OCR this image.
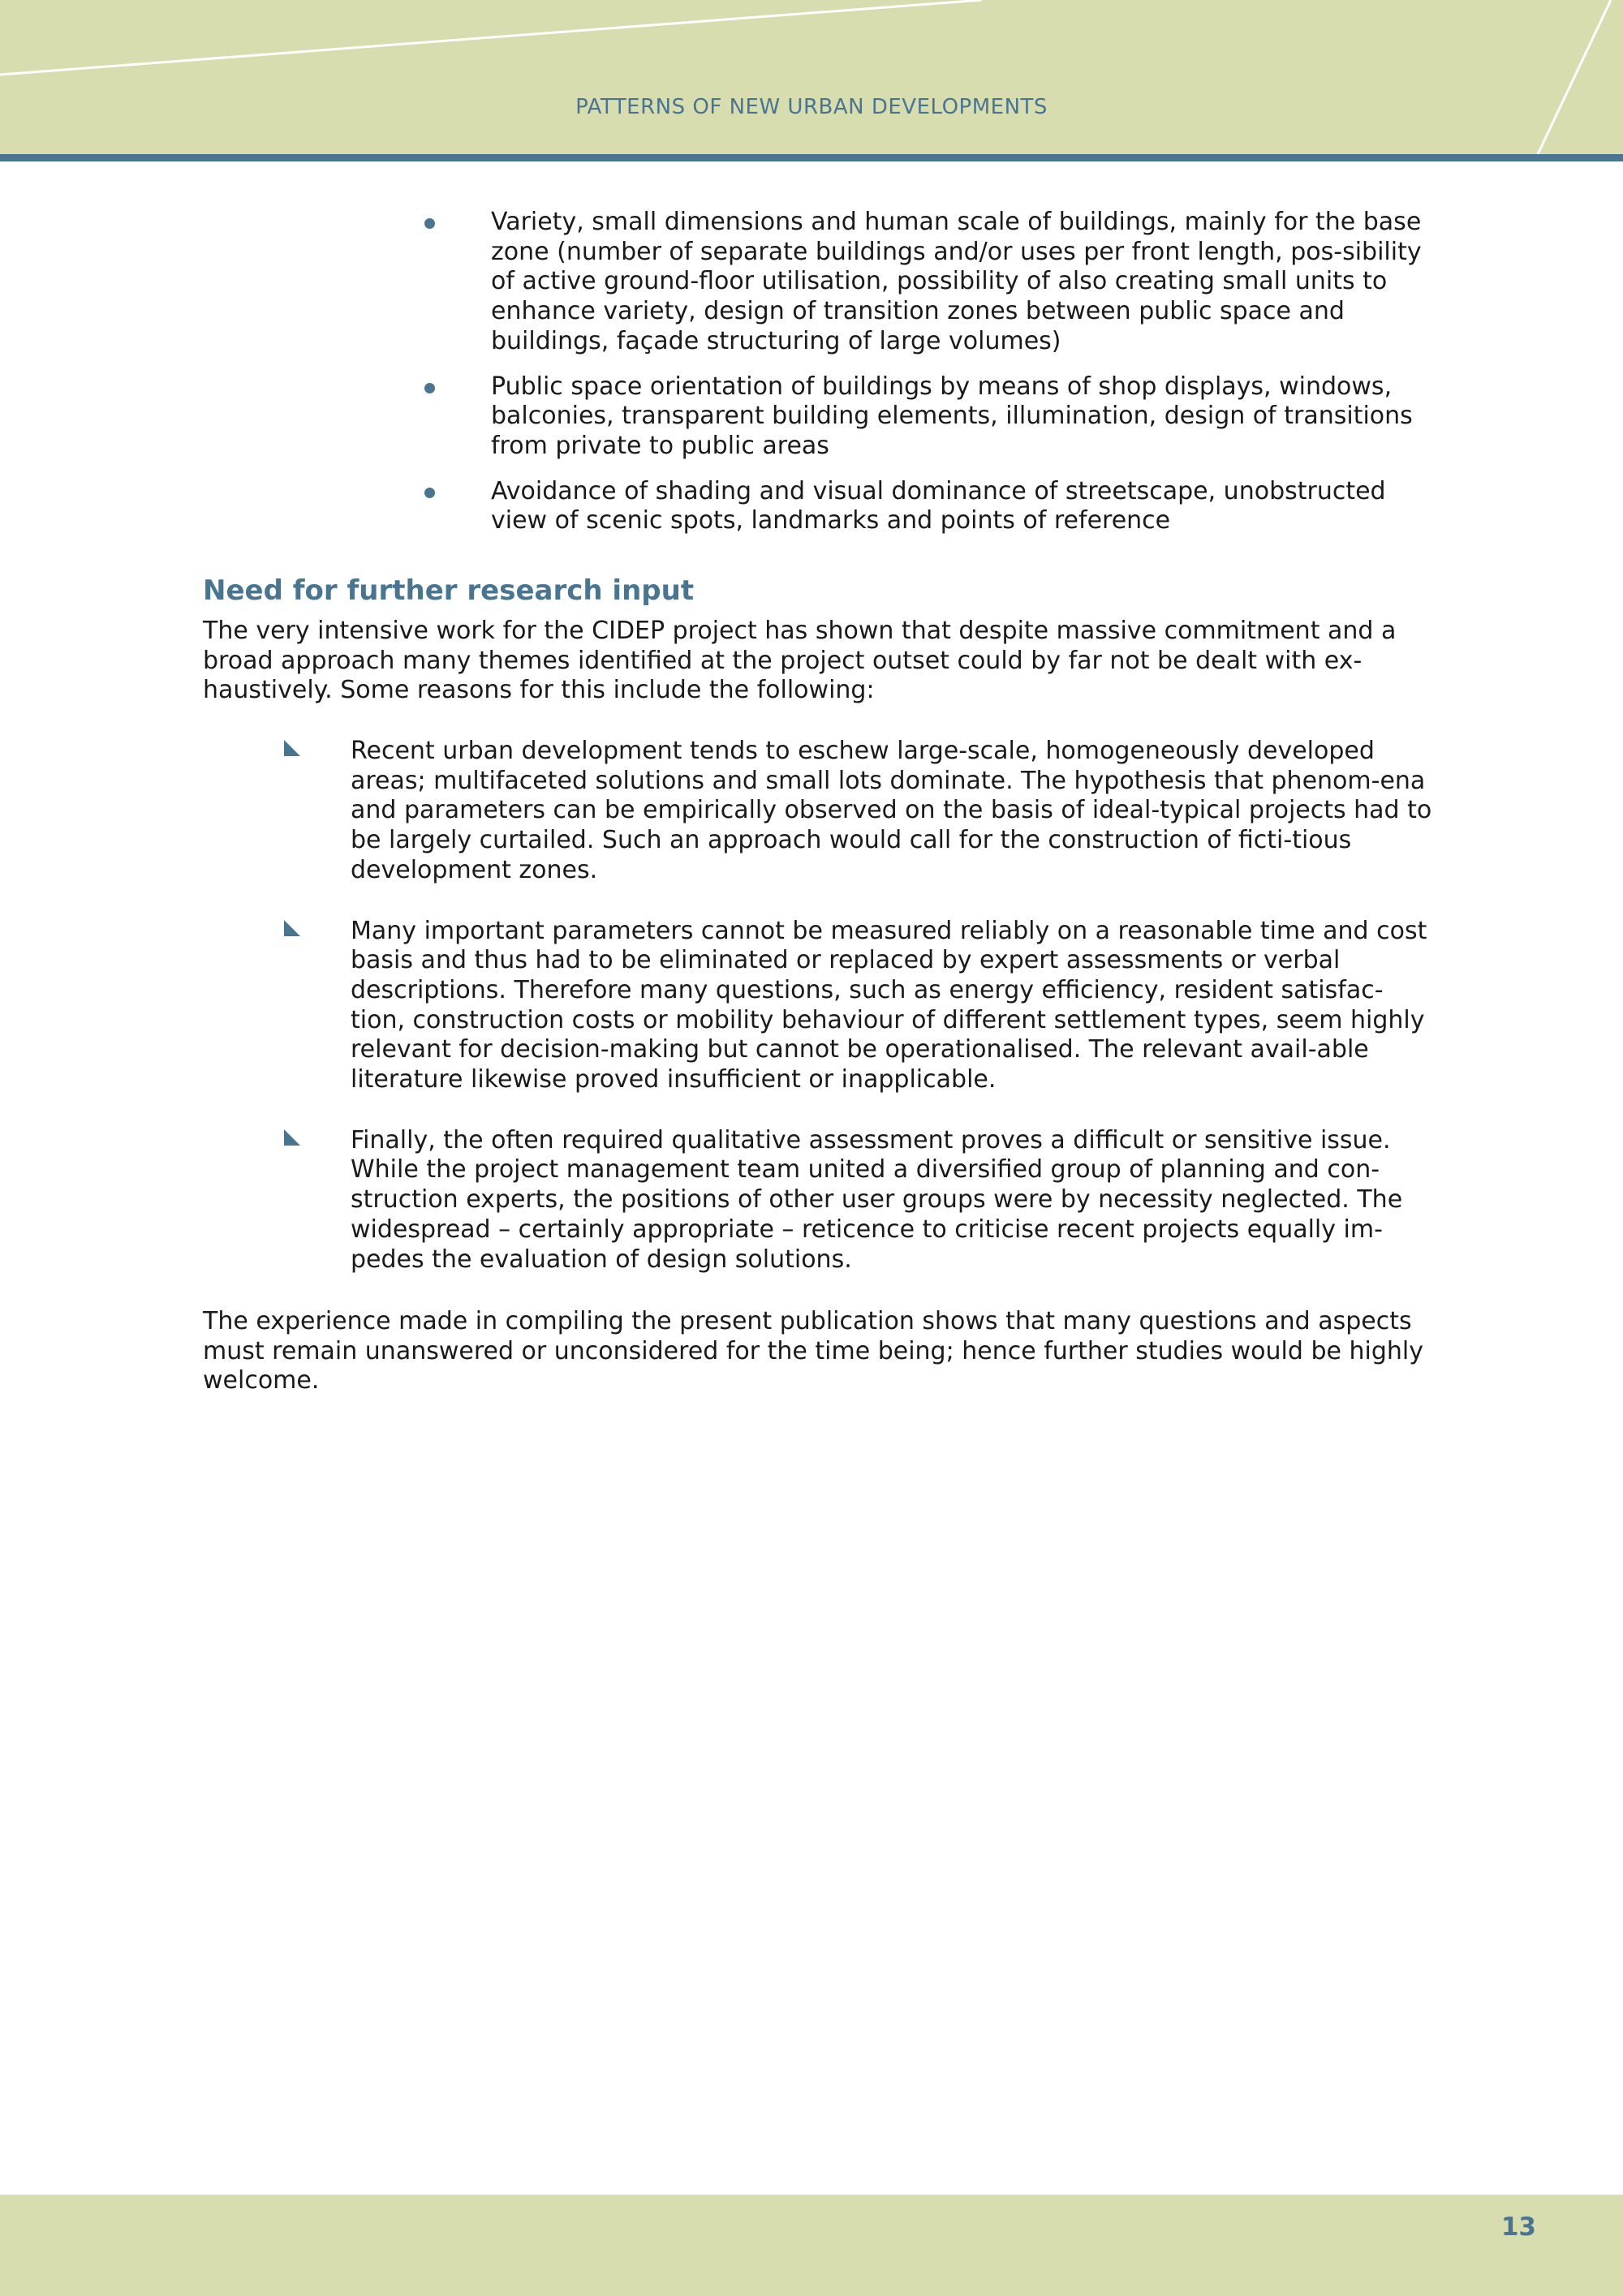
PATTERNS OF NEW URBAN DEVELOPMENTS
Variety, small dimensions and human scale of buildings, mainly for the base zone (number of separate buildings and/or uses per front length, pos-sibility of active ground-floor utilisation, possibility of also creating small units to enhance variety, design of transition zones between public space and buildings, façade structuring of large volumes)
Public space orientation of buildings by means of shop displays, windows, balconies, transparent building elements, illumination, design of transitions from private to public areas
Avoidance of shading and visual dominance of streetscape, unobstructed view of scenic spots, landmarks and points of reference
Need for further research input

The very intensive work for the CIDEP project has shown that despite massive commitment and a broad approach many themes identified at the project outset could by far not be dealt with ex-haustively. Some reasons for this include the following:

Recent urban development tends to eschew large-scale, homogeneously developed areas; multifaceted solutions and small lots dominate. The hypothesis that phenom-ena and parameters can be empirically observed on the basis of ideal-typical projects had to be largely curtailed. Such an approach would call for the construction of ficti-tious development zones.
Many important parameters cannot be measured reliably on a reasonable time and cost basis and thus had to be eliminated or replaced by expert assessments or verbal descriptions. Therefore many questions, such as energy efficiency, resident satisfac-tion, construction costs or mobility behaviour of different settlement types, seem highly relevant for decision-making but cannot be operationalised. The relevant avail-able literature likewise proved insufficient or inapplicable.
Finally, the often required qualitative assessment proves a difficult or sensitive issue. While the project management team united a diversified group of planning and con-struction experts, the positions of other user groups were by necessity neglected. The widespread – certainly appropriate – reticence to criticise recent projects equally im-pedes the evaluation of design solutions.

The experience made in compiling the present publication shows that many questions and aspects must remain unanswered or unconsidered for the time being; hence further studies would be highly welcome.

13
